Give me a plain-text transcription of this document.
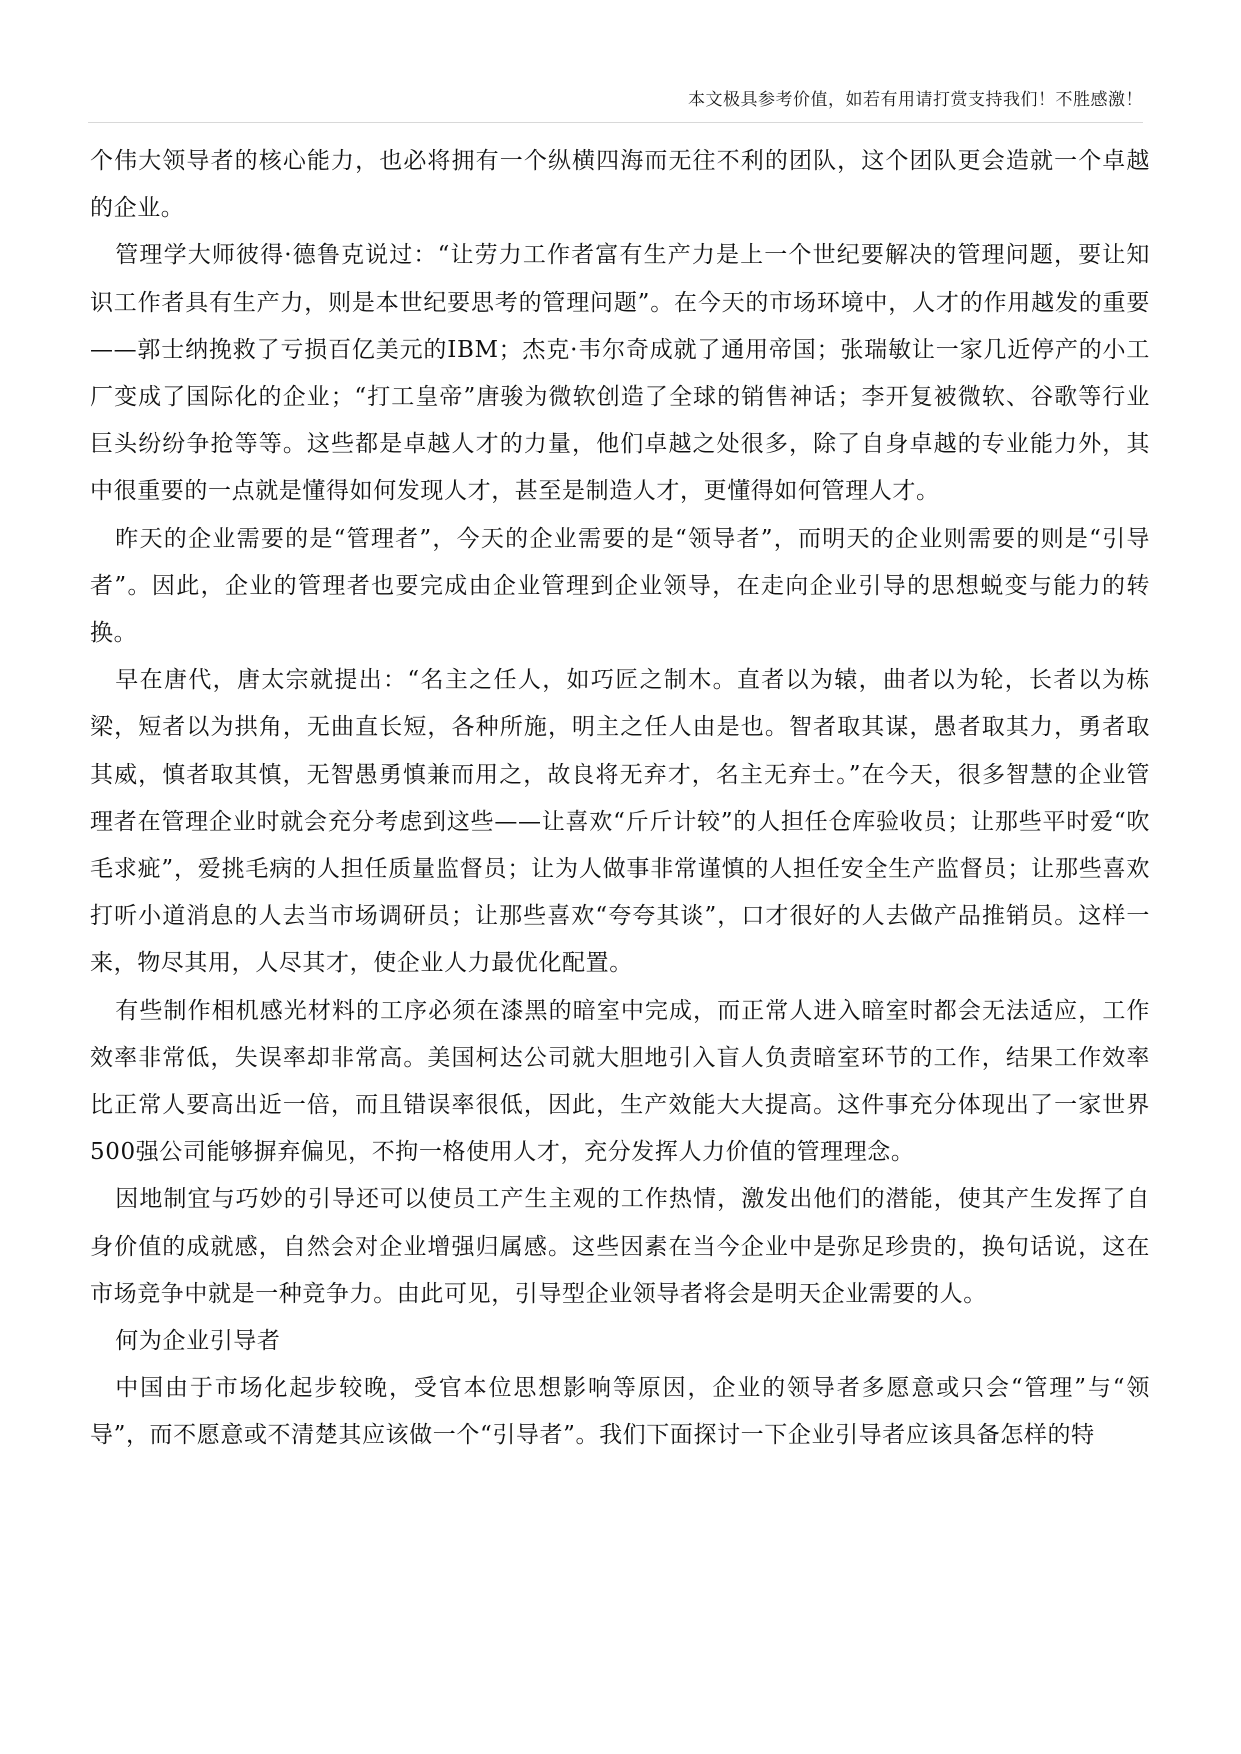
本文极具参考价值，如若有用请打赏支持我们！不胜感激！

个伟大领导者的核心能力，也必将拥有一个纵横四海而无往不利的团队，这个团队更会造就一个卓越的企业。

管理学大师彼得·德鲁克说过：“让劳力工作者富有生产力是上一个世纪要解决的管理问题，要让知识工作者具有生产力，则是本世纪要思考的管理问题”。在今天的市场环境中，人才的作用越发的重要——郭士纳挽救了亏损百亿美元的IBM；杰克·韦尔奇成就了通用帝国；张瑞敏让一家几近停产的小工厂变成了国际化的企业；“打工皇帝”唐骏为微软创造了全球的销售神话；李开复被微软、谷歌等行业巨头纷纷争抢等等。这些都是卓越人才的力量，他们卓越之处很多，除了自身卓越的专业能力外，其中很重要的一点就是懂得如何发现人才，甚至是制造人才，更懂得如何管理人才。

昨天的企业需要的是“管理者”，今天的企业需要的是“领导者”，而明天的企业则需要的则是“引导者”。因此，企业的管理者也要完成由企业管理到企业领导，在走向企业引导的思想蜕变与能力的转换。

早在唐代，唐太宗就提出：“名主之任人，如巧匠之制木。直者以为辕，曲者以为轮，长者以为栋梁，短者以为拱角，无曲直长短，各种所施，明主之任人由是也。智者取其谋，愚者取其力，勇者取其威，慎者取其慎，无智愚勇慎兼而用之，故良将无弃才，名主无弃士。”在今天，很多智慧的企业管理者在管理企业时就会充分考虑到这些——让喜欢“斤斤计较”的人担任仓库验收员；让那些平时爱“吹毛求疵”，爱挑毛病的人担任质量监督员；让为人做事非常谨慎的人担任安全生产监督员；让那些喜欢打听小道消息的人去当市场调研员；让那些喜欢“夸夸其谈”，口才很好的人去做产品推销员。这样一来，物尽其用，人尽其才，使企业人力最优化配置。

有些制作相机感光材料的工序必须在漆黑的暗室中完成，而正常人进入暗室时都会无法适应，工作效率非常低，失误率却非常高。美国柯达公司就大胆地引入盲人负责暗室环节的工作，结果工作效率比正常人要高出近一倍，而且错误率很低，因此，生产效能大大提高。这件事充分体现出了一家世界500强公司能够摒弃偏见，不拘一格使用人才，充分发挥人力价值的管理理念。

因地制宜与巧妙的引导还可以使员工产生主观的工作热情，激发出他们的潜能，使其产生发挥了自身价值的成就感，自然会对企业增强归属感。这些因素在当今企业中是弥足珍贵的，换句话说，这在市场竞争中就是一种竞争力。由此可见，引导型企业领导者将会是明天企业需要的人。

何为企业引导者

中国由于市场化起步较晚，受官本位思想影响等原因，企业的领导者多愿意或只会“管理”与“领导”，而不愿意或不清楚其应该做一个“引导者”。我们下面探讨一下企业引导者应该具备怎样的特
